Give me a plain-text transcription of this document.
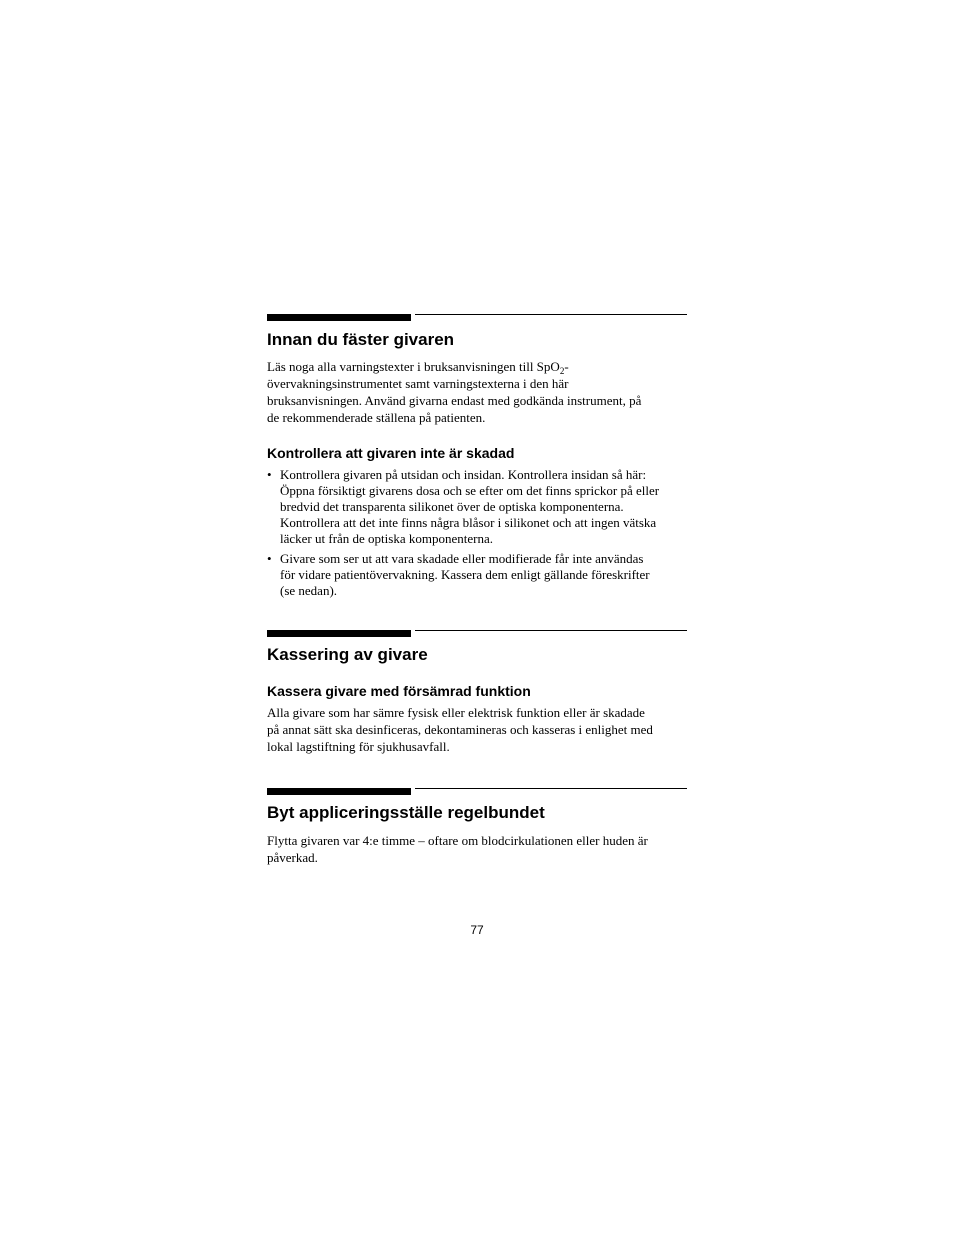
Innan du fäster givaren
Läs noga alla varningstexter i bruksanvisningen till SpO$_2$-
övervakningsinstrumentet samt varningstexterna i den här
bruksanvisningen. Använd givarna endast med godkända instrument, på
de rekommenderade ställena på patienten.
Kontrollera att givaren inte är skadad
• Kontrollera givaren på utsidan och insidan. Kontrollera insidan så här:
Öppna försiktigt givarens dosa och se efter om det finns sprickor på eller
bredvid det transparenta silikonet över de optiska komponenterna.
Kontrollera att det inte finns några blåsor i silikonet och att ingen vätska
läcker ut från de optiska komponenterna.
• Givare som ser ut att vara skadade eller modifierade får inte användas
för vidare patientövervakning. Kassera dem enligt gällande föreskrifter
(se nedan).
Kassering av givare
Kassera givare med försämrad funktion
Alla givare som har sämre fysisk eller elektrisk funktion eller är skadade
på annat sätt ska desinficeras, dekontamineras och kasseras i enlighet med
lokal lagstiftning för sjukhusavfall.
Byt appliceringsställe regelbundet
Flytta givaren var 4:e timme – oftare om blodcirkulationen eller huden är
påverkad.
77
